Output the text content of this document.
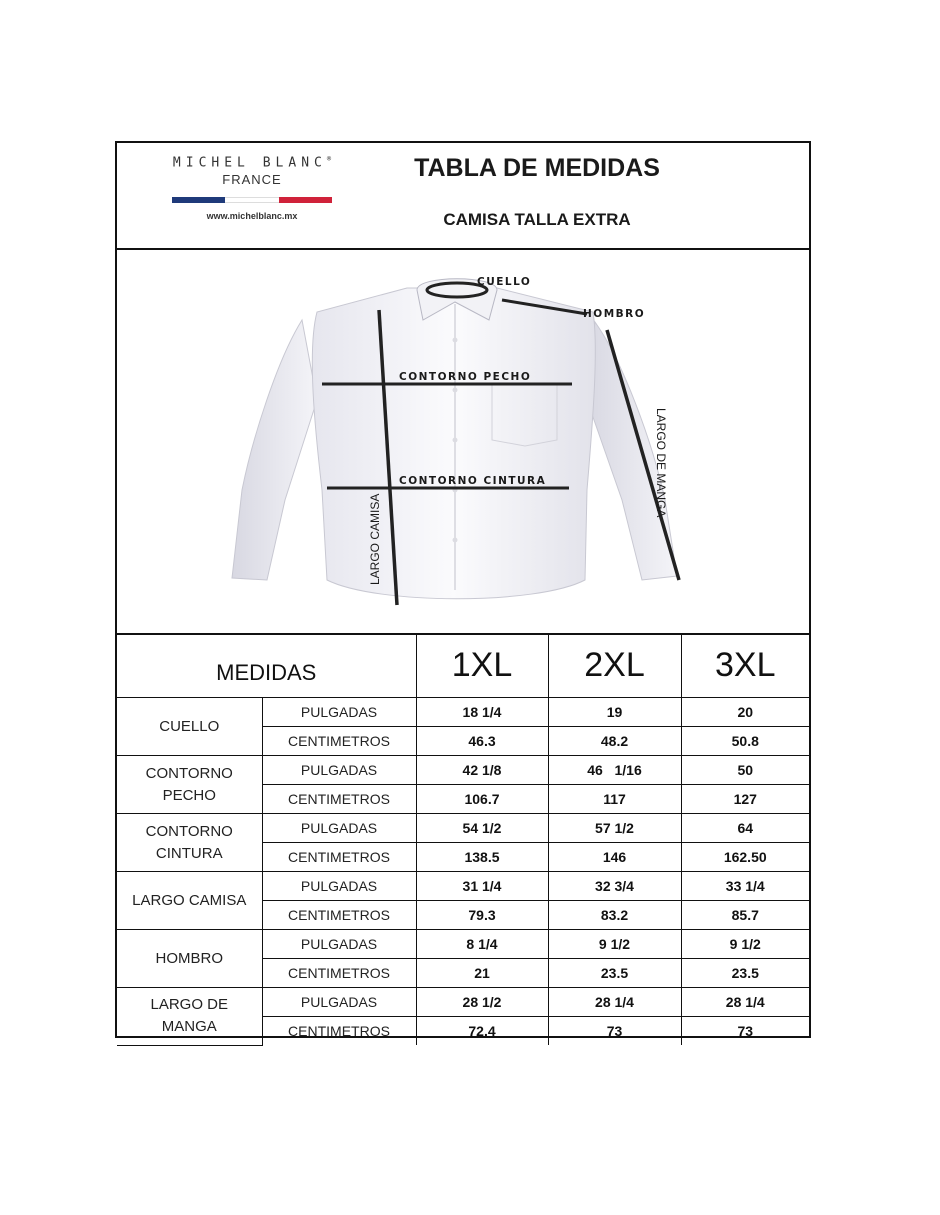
MICHEL BLANC®
FRANCE
www.michelblanc.mx
TABLA DE MEDIDAS
CAMISA TALLA EXTRA
CUELLO
HOMBRO
CONTORNO PECHO
CONTORNO CINTURA
LARGO CAMISA
LARGO DE MANGA
MEDIDAS		1XL	2XL	3XL
CUELLO	PULGADAS	18 1/4	19	20
	CENTIMETROS	46.3	48.2	50.8
CONTORNO
PECHO	PULGADAS	42 1/8	46   1/16	50
	CENTIMETROS	106.7	117	127
CONTORNO
CINTURA	PULGADAS	54 1/2	57 1/2	64
	CENTIMETROS	138.5	146	162.50
LARGO CAMISA	PULGADAS	31 1/4	32 3/4	33 1/4
	CENTIMETROS	79.3	83.2	85.7
HOMBRO	PULGADAS	8 1/4	9 1/2	9 1/2
	CENTIMETROS	21	23.5	23.5
LARGO DE
MANGA	PULGADAS	28 1/2	28 1/4	28 1/4
	CENTIMETROS	72.4	73	73
